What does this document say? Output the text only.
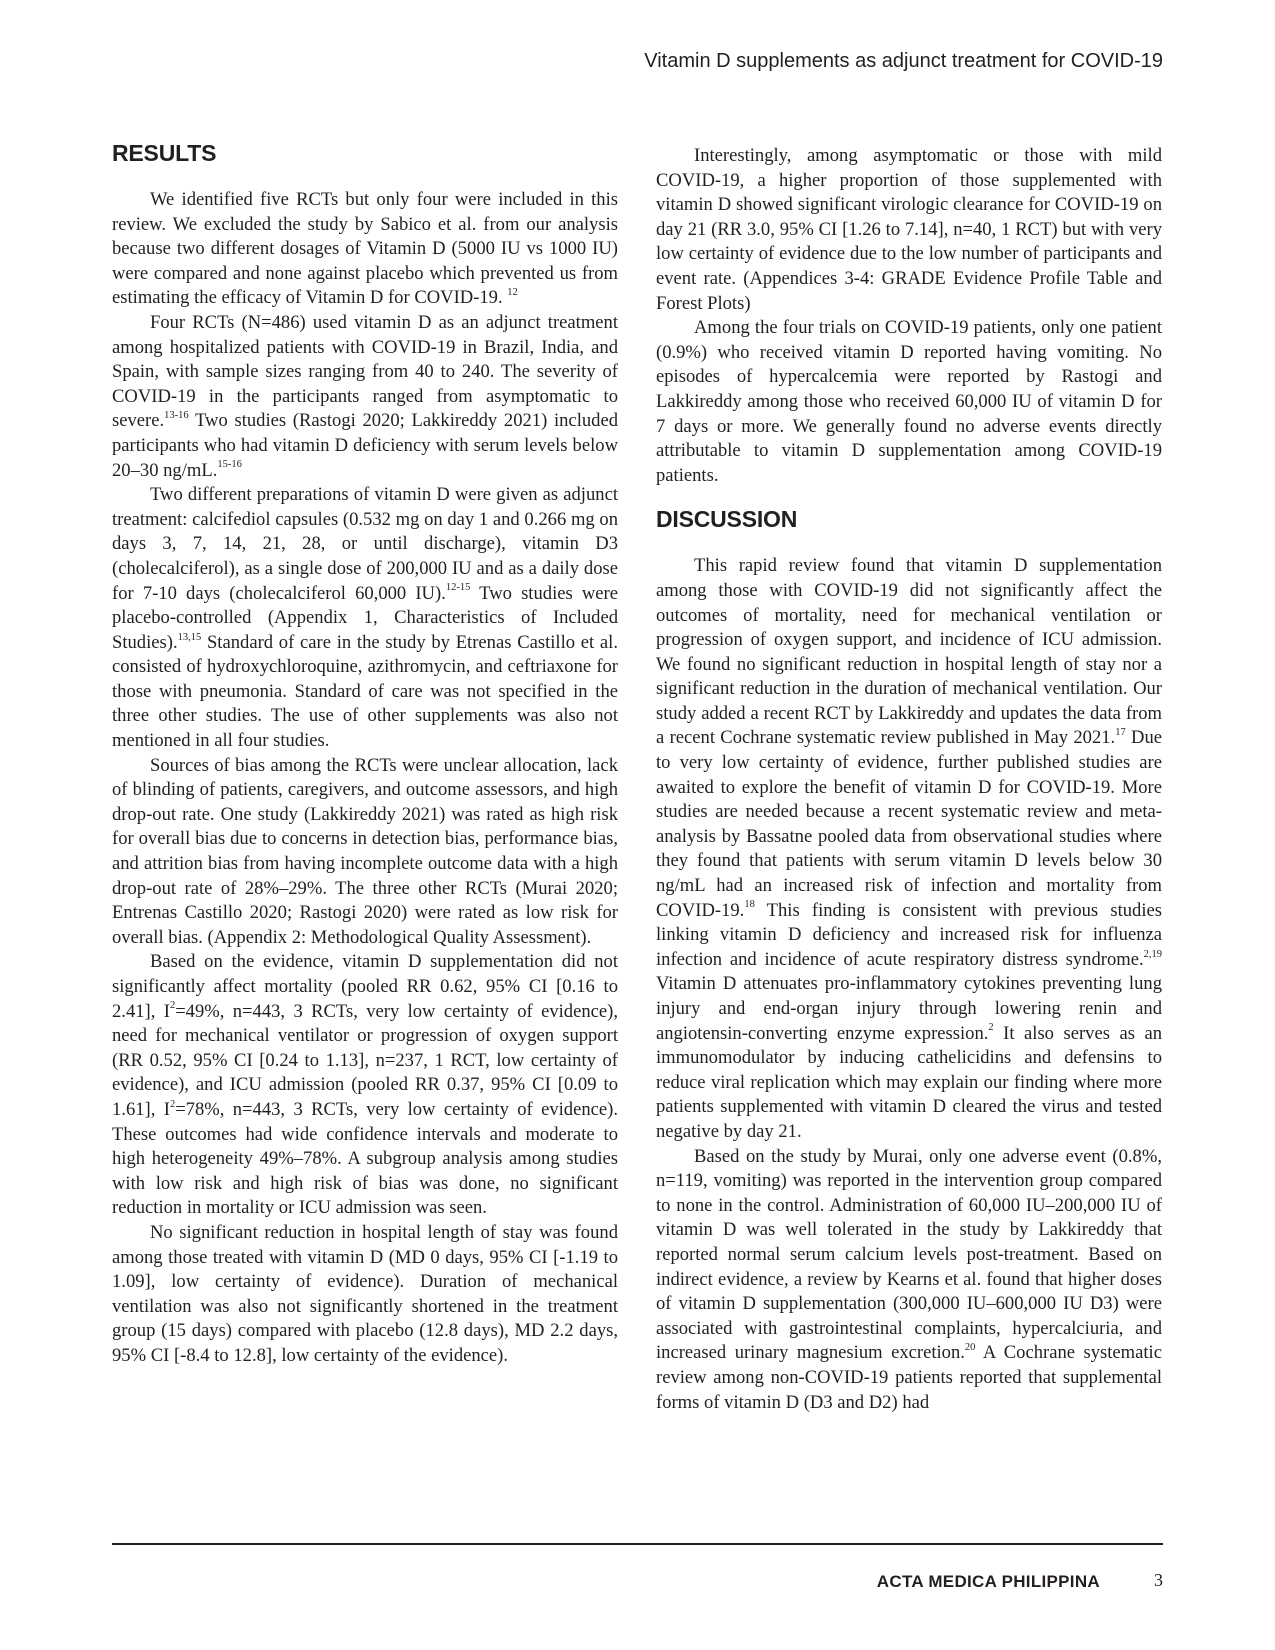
Vitamin D supplements as adjunct treatment for COVID-19
RESULTS

We identified five RCTs but only four were included in this review. We excluded the study by Sabico et al. from our analysis because two different dosages of Vitamin D (5000 IU vs 1000 IU) were compared and none against placebo which prevented us from estimating the efficacy of Vitamin D for COVID-19. $^{12}$

Four RCTs (N=486) used vitamin D as an adjunct treatment among hospitalized patients with COVID-19 in Brazil, India, and Spain, with sample sizes ranging from 40 to 240. The severity of COVID-19 in the participants ranged from asymptomatic to severe.$^{13-16}$ Two studies (Rastogi 2020; Lakkireddy 2021) included participants who had vitamin D deficiency with serum levels below 20–30 ng/mL.$^{15-16}$

Two different preparations of vitamin D were given as adjunct treatment: calcifediol capsules (0.532 mg on day 1 and 0.266 mg on days 3, 7, 14, 21, 28, or until discharge), vitamin D3 (cholecalciferol), as a single dose of 200,000 IU and as a daily dose for 7-10 days (cholecalciferol 60,000 IU).$^{12-15}$ Two studies were placebo-controlled (Appendix 1, Characteristics of Included Studies).$^{13,15}$ Standard of care in the study by Etrenas Castillo et al. consisted of hydroxychloroquine, azithromycin, and ceftriaxone for those with pneumonia. Standard of care was not specified in the three other studies. The use of other supplements was also not mentioned in all four studies.

Sources of bias among the RCTs were unclear allocation, lack of blinding of patients, caregivers, and outcome assessors, and high drop-out rate. One study (Lakkireddy 2021) was rated as high risk for overall bias due to concerns in detection bias, performance bias, and attrition bias from having incomplete outcome data with a high drop-out rate of 28%–29%. The three other RCTs (Murai 2020; Entrenas Castillo 2020; Rastogi 2020) were rated as low risk for overall bias. (Appendix 2: Methodological Quality Assessment).

Based on the evidence, vitamin D supplementation did not significantly affect mortality (pooled RR 0.62, 95% CI [0.16 to 2.41], $I^2=49\%$, n=443, 3 RCTs, very low certainty of evidence), need for mechanical ventilator or progression of oxygen support (RR 0.52, 95% CI [0.24 to 1.13], n=237, 1 RCT, low certainty of evidence), and ICU admission (pooled RR 0.37, 95% CI [0.09 to 1.61], $I^2=78\%$, n=443, 3 RCTs, very low certainty of evidence). These outcomes had wide confidence intervals and moderate to high heterogeneity 49%–78%. A subgroup analysis among studies with low risk and high risk of bias was done, no significant reduction in mortality or ICU admission was seen.

No significant reduction in hospital length of stay was found among those treated with vitamin D (MD 0 days, 95% CI [-1.19 to 1.09], low certainty of evidence). Duration of mechanical ventilation was also not significantly shortened in the treatment group (15 days) compared with placebo (12.8 days), MD 2.2 days, 95% CI [-8.4 to 12.8], low certainty of the evidence).

Interestingly, among asymptomatic or those with mild COVID-19, a higher proportion of those supplemented with vitamin D showed significant virologic clearance for COVID-19 on day 21 (RR 3.0, 95% CI [1.26 to 7.14], n=40, 1 RCT) but with very low certainty of evidence due to the low number of participants and event rate. (Appendices 3-4: GRADE Evidence Profile Table and Forest Plots)

Among the four trials on COVID-19 patients, only one patient (0.9%) who received vitamin D reported having vomiting. No episodes of hypercalcemia were reported by Rastogi and Lakkireddy among those who received 60,000 IU of vitamin D for 7 days or more. We generally found no adverse events directly attributable to vitamin D supplementation among COVID-19 patients.

DISCUSSION

This rapid review found that vitamin D supplementation among those with COVID-19 did not significantly affect the outcomes of mortality, need for mechanical ventilation or progression of oxygen support, and incidence of ICU admission. We found no significant reduction in hospital length of stay nor a significant reduction in the duration of mechanical ventilation. Our study added a recent RCT by Lakkireddy and updates the data from a recent Cochrane systematic review published in May 2021.17 Due to very low certainty of evidence, further published studies are awaited to explore the benefit of vitamin D for COVID-19. More studies are needed because a recent systematic review and meta-analysis by Bassatne pooled data from observational studies where they found that patients with serum vitamin D levels below 30 ng/mL had an increased risk of infection and mortality from COVID-19.18 This finding is consistent with previous studies linking vitamin D deficiency and increased risk for influenza infection and incidence of acute respiratory distress syndrome.$^{2,19}$ Vitamin D attenuates pro-inflammatory cytokines preventing lung injury and end-organ injury through lowering renin and angiotensin-converting enzyme expression.$^2$ It also serves as an immunomodulator by inducing cathelicidins and defensins to reduce viral replication which may explain our finding where more patients supplemented with vitamin D cleared the virus and tested negative by day 21.

Based on the study by Murai, only one adverse event (0.8%, n=119, vomiting) was reported in the intervention group compared to none in the control. Administration of 60,000 IU–200,000 IU of vitamin D was well tolerated in the study by Lakkireddy that reported normal serum calcium levels post-treatment. Based on indirect evidence, a review by Kearns et al. found that higher doses of vitamin D supplementation (300,000 IU–600,000 IU D3) were associated with gastrointestinal complaints, hypercalciuria, and increased urinary magnesium excretion.$^{20}$ A Cochrane systematic review among non-COVID-19 patients reported that supplemental forms of vitamin D (D3 and D2) had

ACTA MEDICA PHILIPPINA	3
